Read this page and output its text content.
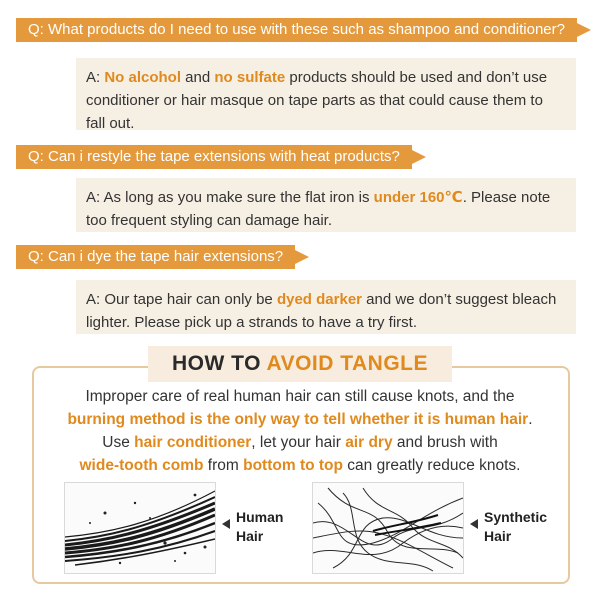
Q: What products do I need to use with these such as shampoo and conditioner?
A: No alcohol and no sulfate products should be used and don’t use conditioner or hair masque on tape parts as that could cause them to fall out.
Q: Can i restyle the tape extensions with heat products?
A: As long as you make sure the flat iron is under 160℃. Please note too frequent styling can damage hair.
Q: Can i dye the tape hair extensions?
A: Our tape hair can only be dyed darker and we don’t suggest bleach lighter. Please pick up a strands to have a try first.
HOW TO AVOID TANGLE
Improper care of real human hair can still cause knots, and the
burning method is the only way to tell whether it is human hair.
Use hair conditioner, let your hair air dry and brush with
wide-tooth comb from bottom to top can greatly reduce knots.
Human
Hair
Synthetic
Hair
